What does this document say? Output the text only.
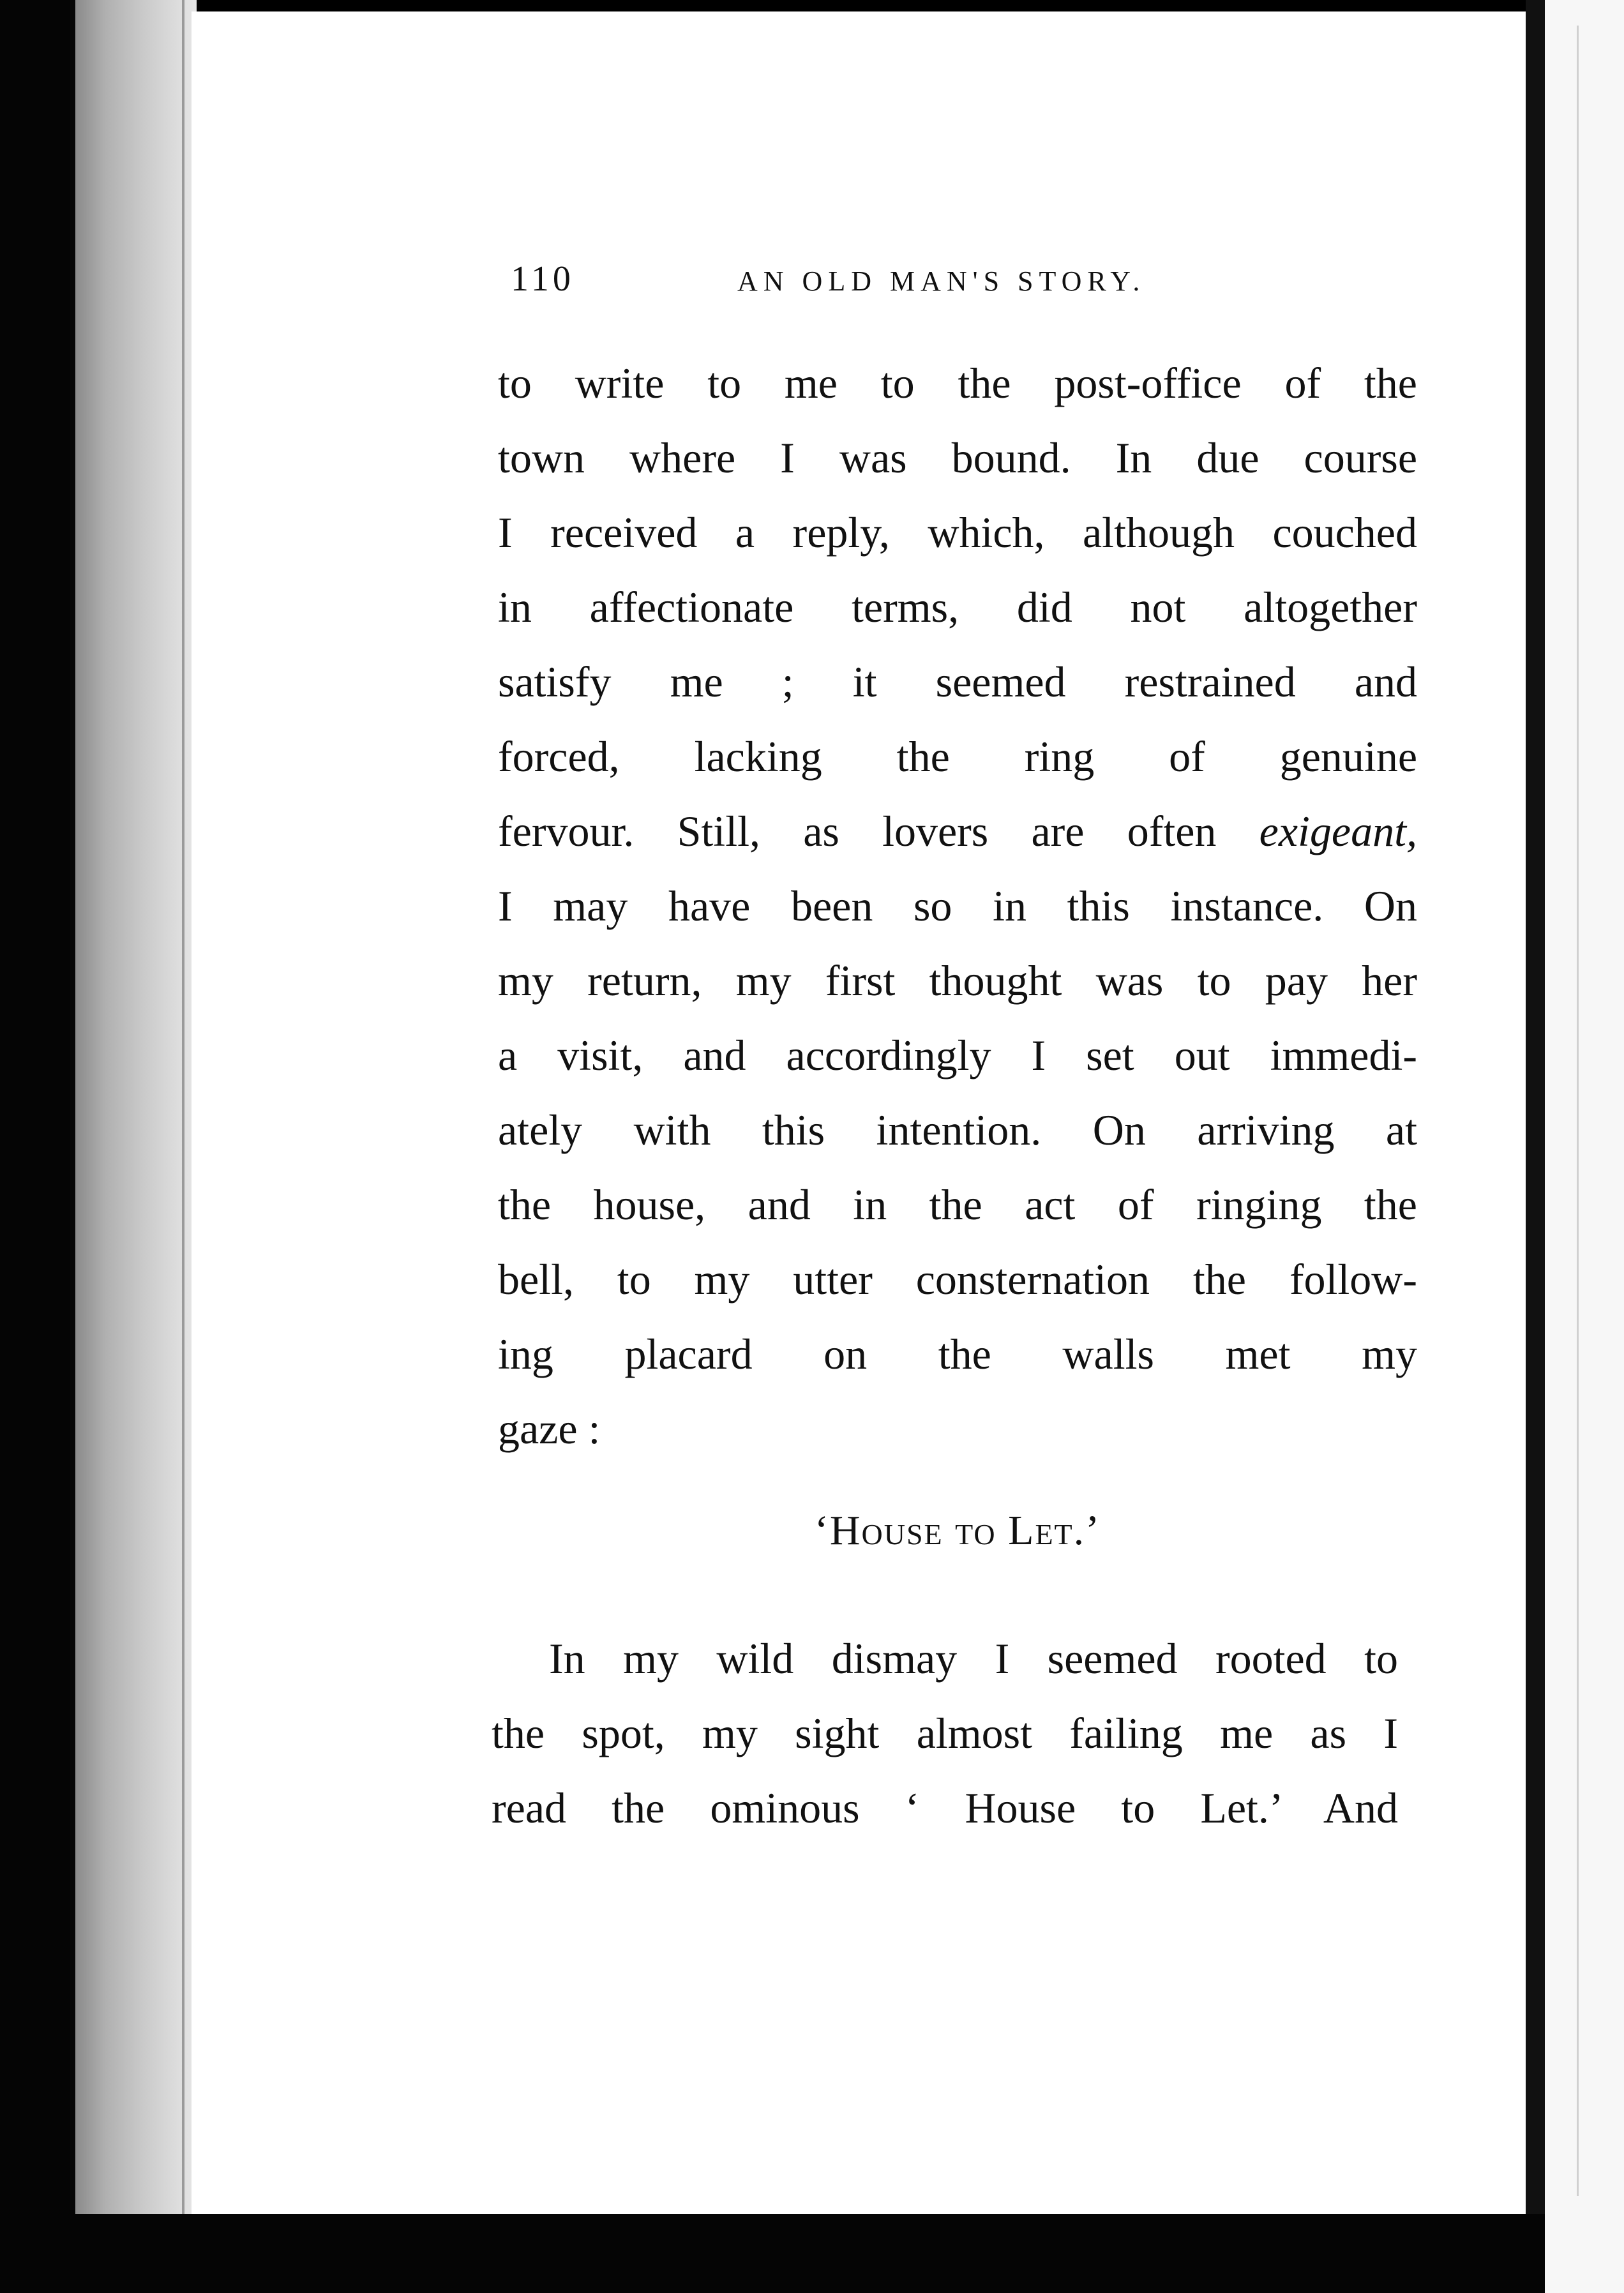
110	AN OLD MAN'S STORY.
to write to me to the post-office of the
town where I was bound. In due course
I received a reply, which, although couched
in affectionate terms, did not altogether
satisfy me ; it seemed restrained and
forced, lacking the ring of genuine
fervour. Still, as lovers are often exigeant,
I may have been so in this instance. On
my return, my first thought was to pay her
a visit, and accordingly I set out immedi-
ately with this intention. On arriving at
the house, and in the act of ringing the
bell, to my utter consternation the follow-
ing placard on the walls met my
gaze :
‘House to Let.’
In my wild dismay I seemed rooted to
the spot, my sight almost failing me as I
read the ominous ‘ House to Let.’ And
